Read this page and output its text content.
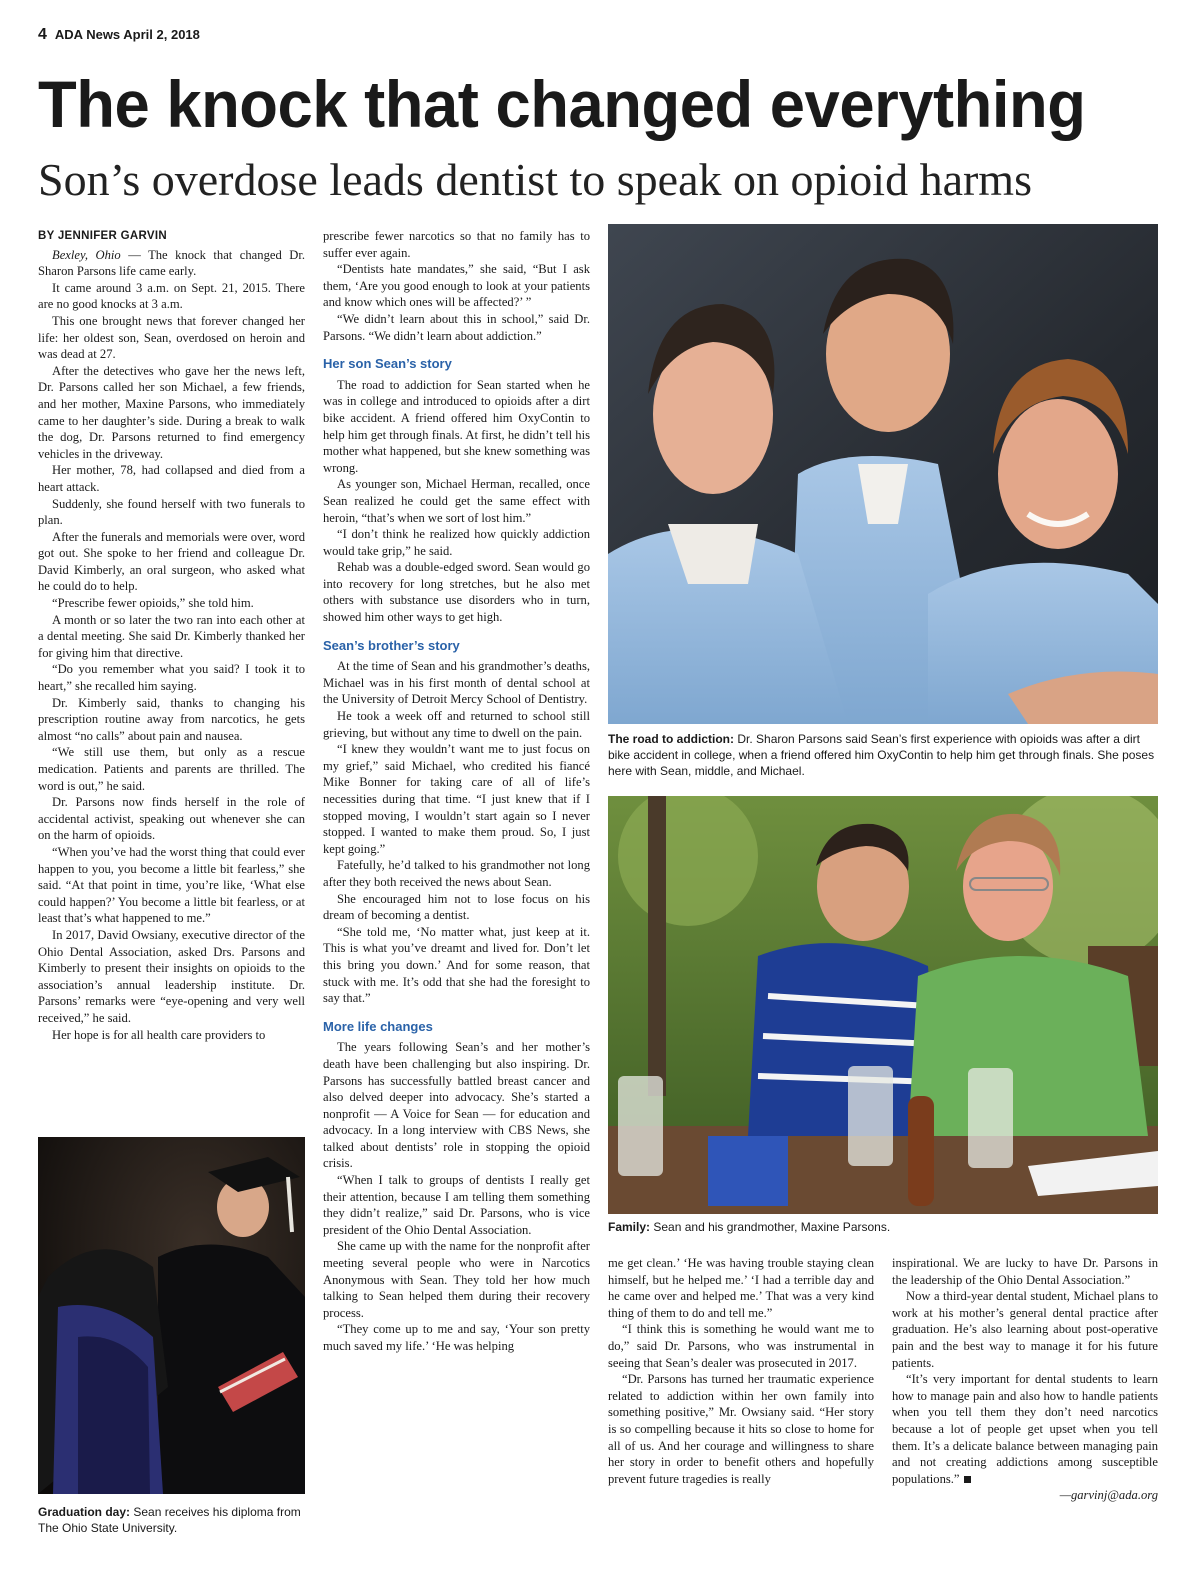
4 ADA News April 2, 2018
The knock that changed everything
Son’s overdose leads dentist to speak on opioid harms
BY JENNIFER GARVIN

Bexley, Ohio — The knock that changed Dr. Sharon Parsons life came early.

It came around 3 a.m. on Sept. 21, 2015. There are no good knocks at 3 a.m.

This one brought news that forever changed her life: her oldest son, Sean, overdosed on heroin and was dead at 27.

After the detectives who gave her the news left, Dr. Parsons called her son Michael, a few friends, and her mother, Maxine Parsons, who immediately came to her daughter’s side. During a break to walk the dog, Dr. Parsons returned to find emergency vehicles in the driveway.

Her mother, 78, had collapsed and died from a heart attack.

Suddenly, she found herself with two funerals to plan.

After the funerals and memorials were over, word got out. She spoke to her friend and colleague Dr. David Kimberly, an oral surgeon, who asked what he could do to help.

“Prescribe fewer opioids,” she told him.

A month or so later the two ran into each other at a dental meeting. She said Dr. Kimberly thanked her for giving him that directive.

“Do you remember what you said? I took it to heart,” she recalled him saying.

Dr. Kimberly said, thanks to changing his prescription routine away from narcotics, he gets almost “no calls” about pain and nausea.

“We still use them, but only as a rescue medication. Patients and parents are thrilled. The word is out,” he said.

Dr. Parsons now finds herself in the role of accidental activist, speaking out whenever she can on the harm of opioids.

“When you’ve had the worst thing that could ever happen to you, you become a little bit fearless,” she said. “At that point in time, you’re like, ‘What else could happen?’ You become a little bit fearless, or at least that’s what happened to me.”

In 2017, David Owsiany, executive director of the Ohio Dental Association, asked Drs. Parsons and Kimberly to present their insights on opioids to the association’s annual leadership institute. Dr. Parsons’ remarks were “eye-opening and very well received,” he said.

Her hope is for all health care providers to

Graduation day: Sean receives his diploma from The Ohio State University.

prescribe fewer narcotics so that no family has to suffer ever again.

“Dentists hate mandates,” she said, “But I ask them, ‘Are you good enough to look at your patients and know which ones will be affected?’ ”

“We didn’t learn about this in school,” said Dr. Parsons. “We didn’t learn about addiction.”

Her son Sean’s story

The road to addiction for Sean started when he was in college and introduced to opioids after a dirt bike accident. A friend offered him OxyContin to help him get through finals. At first, he didn’t tell his mother what happened, but she knew something was wrong.

As younger son, Michael Herman, recalled, once Sean realized he could get the same effect with heroin, “that’s when we sort of lost him.”

“I don’t think he realized how quickly addiction would take grip,” he said.

Rehab was a double-edged sword. Sean would go into recovery for long stretches, but he also met others with substance use disorders who in turn, showed him other ways to get high.

Sean’s brother’s story

At the time of Sean and his grandmother’s deaths, Michael was in his first month of dental school at the University of Detroit Mercy School of Dentistry.

He took a week off and returned to school still grieving, but without any time to dwell on the pain.

“I knew they wouldn’t want me to just focus on my grief,” said Michael, who credited his fiancé Mike Bonner for taking care of all of life’s necessities during that time. “I just knew that if I stopped moving, I wouldn’t start again so I never stopped. I wanted to make them proud. So, I just kept going.”

Fatefully, he’d talked to his grandmother not long after they both received the news about Sean.

She encouraged him not to lose focus on his dream of becoming a dentist.

“She told me, ‘No matter what, just keep at it. This is what you’ve dreamt and lived for. Don’t let this bring you down.’ And for some reason, that stuck with me. It’s odd that she had the foresight to say that.”

More life changes

The years following Sean’s and her mother’s death have been challenging but also inspiring. Dr. Parsons has successfully battled breast cancer and also delved deeper into advocacy. She’s started a nonprofit — A Voice for Sean — for education and advocacy. In a long interview with CBS News, she talked about dentists’ role in stopping the opioid crisis.

“When I talk to groups of dentists I really get their attention, because I am telling them something they didn’t realize,” said Dr. Parsons, who is vice president of the Ohio Dental Association.

She came up with the name for the nonprofit after meeting several people who were in Narcotics Anonymous with Sean. They told her how much talking to Sean helped them during their recovery process.

“They come up to me and say, ‘Your son pretty much saved my life.’ ‘He was helping

The road to addiction: Dr. Sharon Parsons said Sean’s first experience with opioids was after a dirt bike accident in college, when a friend offered him OxyContin to help him get through finals. She poses here with Sean, middle, and Michael.
Family: Sean and his grandmother, Maxine Parsons.

me get clean.’ ‘He was having trouble staying clean himself, but he helped me.’ ‘I had a terrible day and he came over and helped me.’ That was a very kind thing of them to do and tell me.”

“I think this is something he would want me to do,” said Dr. Parsons, who was instrumental in seeing that Sean’s dealer was prosecuted in 2017.

“Dr. Parsons has turned her traumatic experience related to addiction within her own family into something positive,” Mr. Owsiany said. “Her story is so compelling because it hits so close to home for all of us. And her courage and willingness to share her story in order to benefit others and hopefully prevent future tragedies is really

inspirational. We are lucky to have Dr. Parsons in the leadership of the Ohio Dental Association.”

Now a third-year dental student, Michael plans to work at his mother’s general dental practice after graduation. He’s also learning about post-operative pain and the best way to manage it for his future patients.

“It’s very important for dental students to learn how to manage pain and also how to handle patients when you tell them they don’t need narcotics because a lot of people get upset when you tell them. It’s a delicate balance between managing pain and not creating addictions among susceptible populations.”

—garvinj@ada.org
